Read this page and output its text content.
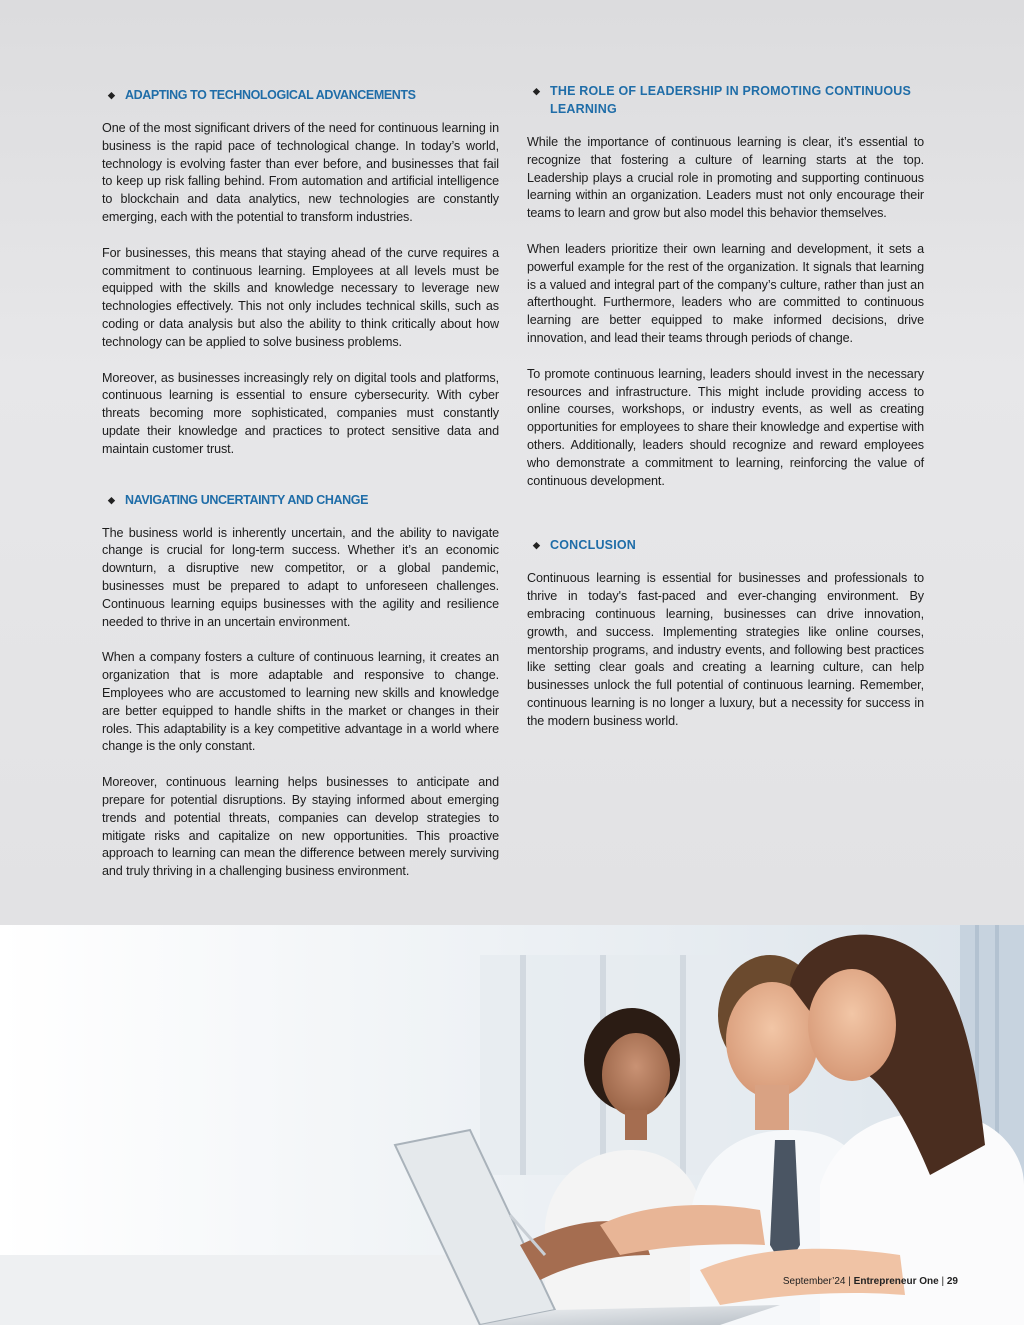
◆ ADAPTING TO TECHNOLOGICAL ADVANCEMENTS

One of the most significant drivers of the need for continuous learning in business is the rapid pace of technological change. In today’s world, technology is evolving faster than ever before, and businesses that fail to keep up risk falling behind. From automation and artificial intelligence to blockchain and data analytics, new technologies are constantly emerging, each with the potential to transform industries.

For businesses, this means that staying ahead of the curve requires a commitment to continuous learning. Employees at all levels must be equipped with the skills and knowledge necessary to leverage new technologies effectively. This not only includes technical skills, such as coding or data analysis but also the ability to think critically about how technology can be applied to solve business problems.

Moreover, as businesses increasingly rely on digital tools and platforms, continuous learning is essential to ensure cybersecurity. With cyber threats becoming more sophisticated, companies must constantly update their knowledge and practices to protect sensitive data and maintain customer trust.

◆ NAVIGATING UNCERTAINTY AND CHANGE

The business world is inherently uncertain, and the ability to navigate change is crucial for long-term success. Whether it’s an economic downturn, a disruptive new competitor, or a global pandemic, businesses must be prepared to adapt to unforeseen challenges. Continuous learning equips businesses with the agility and resilience needed to thrive in an uncertain environment.

When a company fosters a culture of continuous learning, it creates an organization that is more adaptable and responsive to change. Employees who are accustomed to learning new skills and knowledge are better equipped to handle shifts in the market or changes in their roles. This adaptability is a key competitive advantage in a world where change is the only constant.

Moreover, continuous learning helps businesses to anticipate and prepare for potential disruptions. By staying informed about emerging trends and potential threats, companies can develop strategies to mitigate risks and capitalize on new opportunities. This proactive approach to learning can mean the difference between merely surviving and truly thriving in a challenging business environment.

◆ THE ROLE OF LEADERSHIP IN PROMOTING CONTINUOUS LEARNING

While the importance of continuous learning is clear, it’s essential to recognize that fostering a culture of learning starts at the top. Leadership plays a crucial role in promoting and supporting continuous learning within an organization. Leaders must not only encourage their teams to learn and grow but also model this behavior themselves.

When leaders prioritize their own learning and development, it sets a powerful example for the rest of the organization. It signals that learning is a valued and integral part of the company’s culture, rather than just an afterthought. Furthermore, leaders who are committed to continuous learning are better equipped to make informed decisions, drive innovation, and lead their teams through periods of change.

To promote continuous learning, leaders should invest in the necessary resources and infrastructure. This might include providing access to online courses, workshops, or industry events, as well as creating opportunities for employees to share their knowledge and expertise with others. Additionally, leaders should recognize and reward employees who demonstrate a commitment to learning, reinforcing the value of continuous development.

◆ CONCLUSION

Continuous learning is essential for businesses and professionals to thrive in today's fast-paced and ever-changing environment. By embracing continuous learning, businesses can drive innovation, growth, and success. Implementing strategies like online courses, mentorship programs, and industry events, and following best practices like setting clear goals and creating a learning culture, can help businesses unlock the full potential of continuous learning. Remember, continuous learning is no longer a luxury, but a necessity for success in the modern business world.

September’24 | Entrepreneur One | 29
